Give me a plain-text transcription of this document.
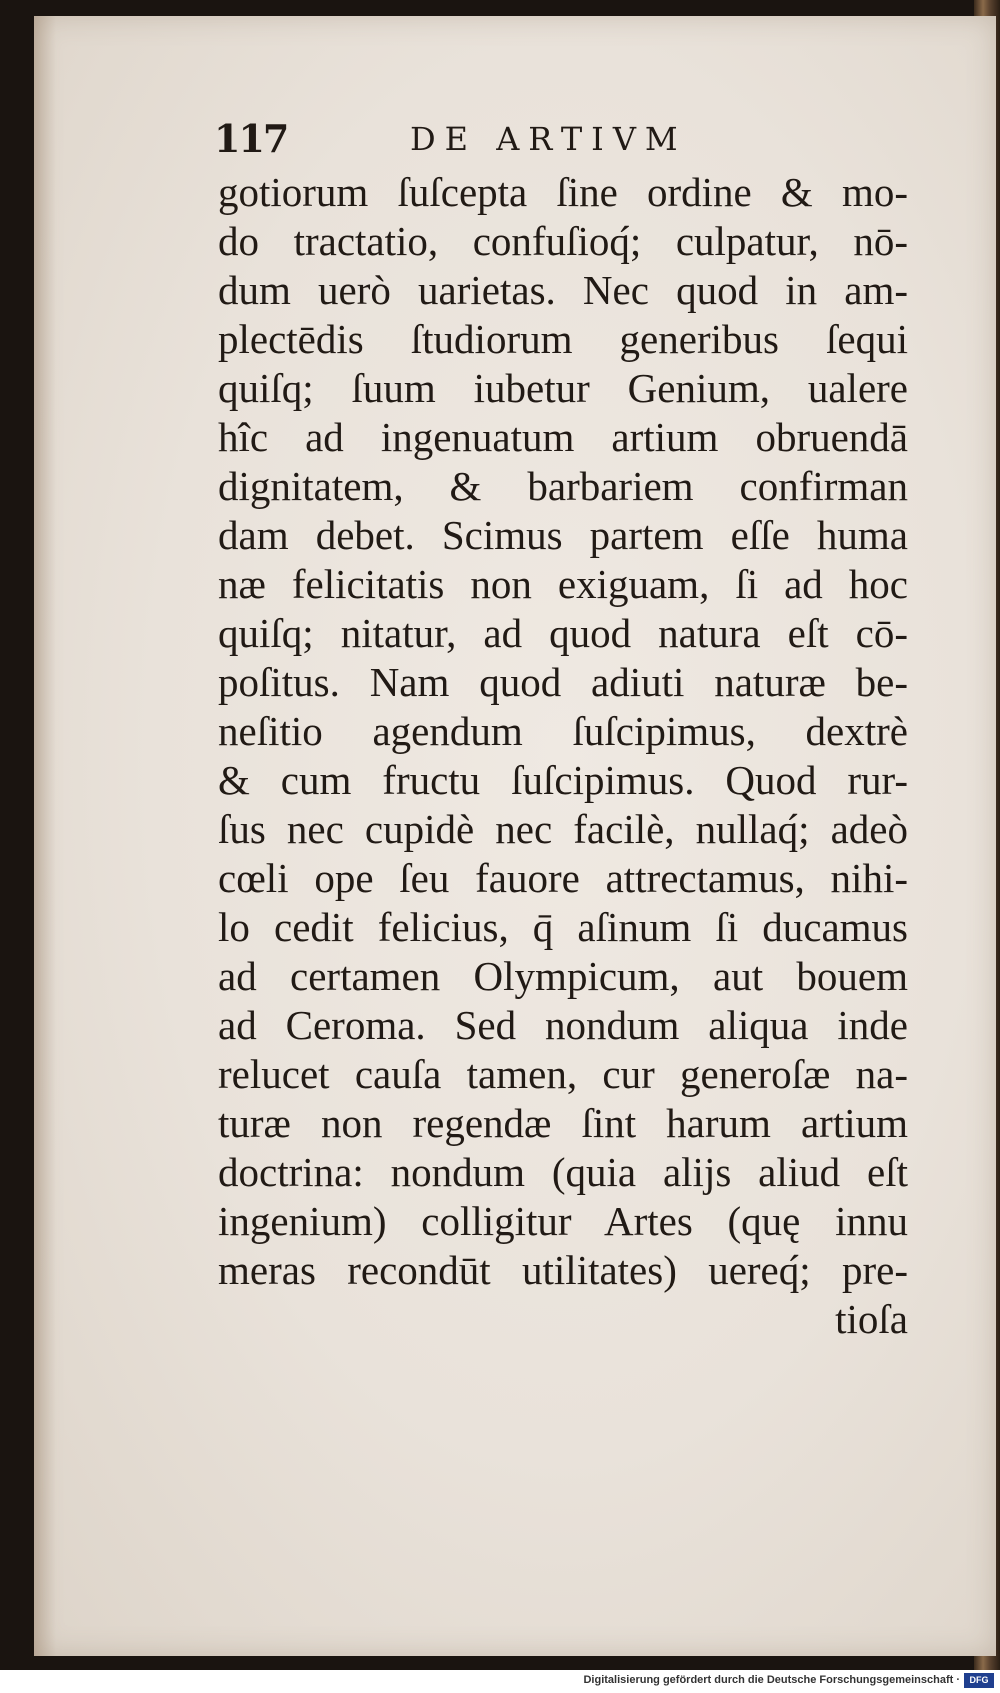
117	DE ARTIVM
gotiorum ſuſcepta ſine ordine & mo-
do tractatio, confuſioq́; culpatur, nō-
dum uerò uarietas. Nec quod in am-
plectēdis ſtudiorum generibus ſequi
quiſq; ſuum iubetur Genium, ualere
hîc ad ingenuatum artium obruendā
dignitatem, & barbariem confirman
dam debet. Scimus partem eſſe huma
næ felicitatis non exiguam, ſi ad hoc
quiſq; nitatur, ad quod natura eſt cō-
poſitus. Nam quod adiuti naturæ be-
neſitio agendum ſuſcipimus, dextrè
& cum fructu ſuſcipimus. Quod rur-
ſus nec cupidè nec facilè, nullaq́; adeò
cœli ope ſeu fauore attrectamus, nihi-
lo cedit felicius, q̄ aſinum ſi ducamus
ad certamen Olympicum, aut bouem
ad Ceroma. Sed nondum aliqua inde
relucet cauſa tamen, cur generoſæ na-
turæ non regendæ ſint harum artium
doctrina: nondum (quia alijs aliud eſt
ingenium) colligitur Artes (quę innu
meras recondūt utilitates) uereq́; pre-
tioſa
Digitalisierung gefördert durch die Deutsche Forschungsgemeinschaft ·	DFG
